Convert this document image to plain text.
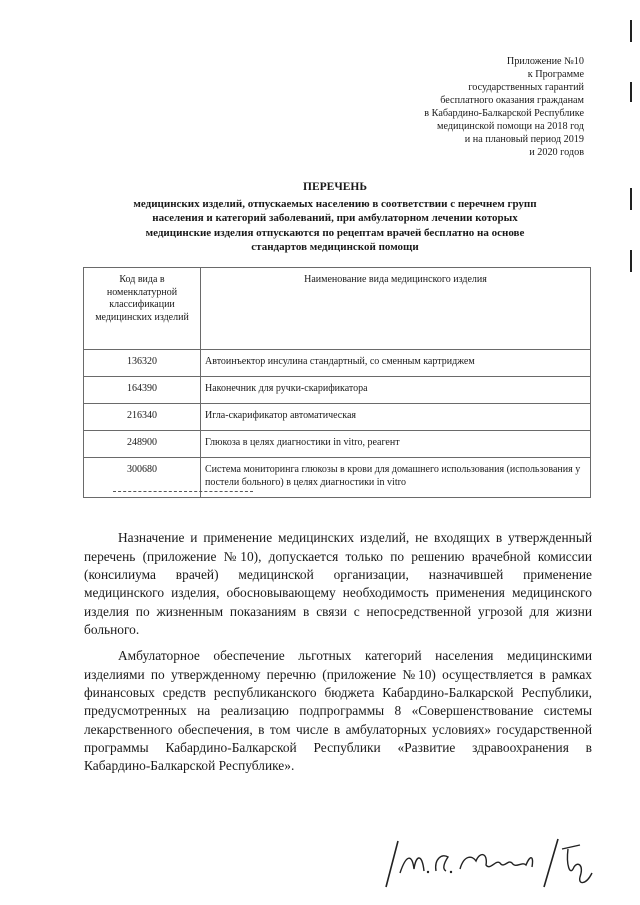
Приложение №10
к Программе
государственных гарантий
бесплатного оказания гражданам
в Кабардино-Балкарской Республике
медицинской помощи на 2018 год
и на плановый период 2019
и 2020 годов
ПЕРЕЧЕНЬ
медицинских изделий, отпускаемых населению в соответствии с перечнем групп
населения и категорий заболеваний, при амбулаторном лечении которых
медицинские изделия отпускаются по рецептам врачей бесплатно на основе
стандартов медицинской помощи
Код вида в номенклатурной классификации медицинских изделий	Наименование вида медицинского изделия
136320	Автоинъектор инсулина стандартный, со сменным картриджем
164390	Наконечник для ручки-скарификатора
216340	Игла-скарификатор автоматическая
248900	Глюкоза в целях диагностики in vitro, реагент
300680	Система мониторинга глюкозы в крови для домашнего использования (использования у постели больного) в целях диагностики in vitro

Назначение и применение медицинских изделий, не входящих в утвержденный перечень (приложение №10), допускается только по решению врачебной комиссии (консилиума врачей) медицинской организации, назначившей применение медицинского изделия, обосновывающему необходимость применения медицинского изделия по жизненным показаниям в связи с непосредственной угрозой для жизни больного.

Амбулаторное обеспечение льготных категорий населения медицинскими изделиями по утвержденному перечню (приложение №10) осуществляется в рамках финансовых средств республиканского бюджета Кабардино-Балкарской Республики, предусмотренных на реализацию подпрограммы 8 «Совершенствование системы лекарственного обеспечения, в том числе в амбулаторных условиях» государственной программы Кабардино-Балкарской Республики «Развитие здравоохранения в Кабардино-Балкарской Республике».
